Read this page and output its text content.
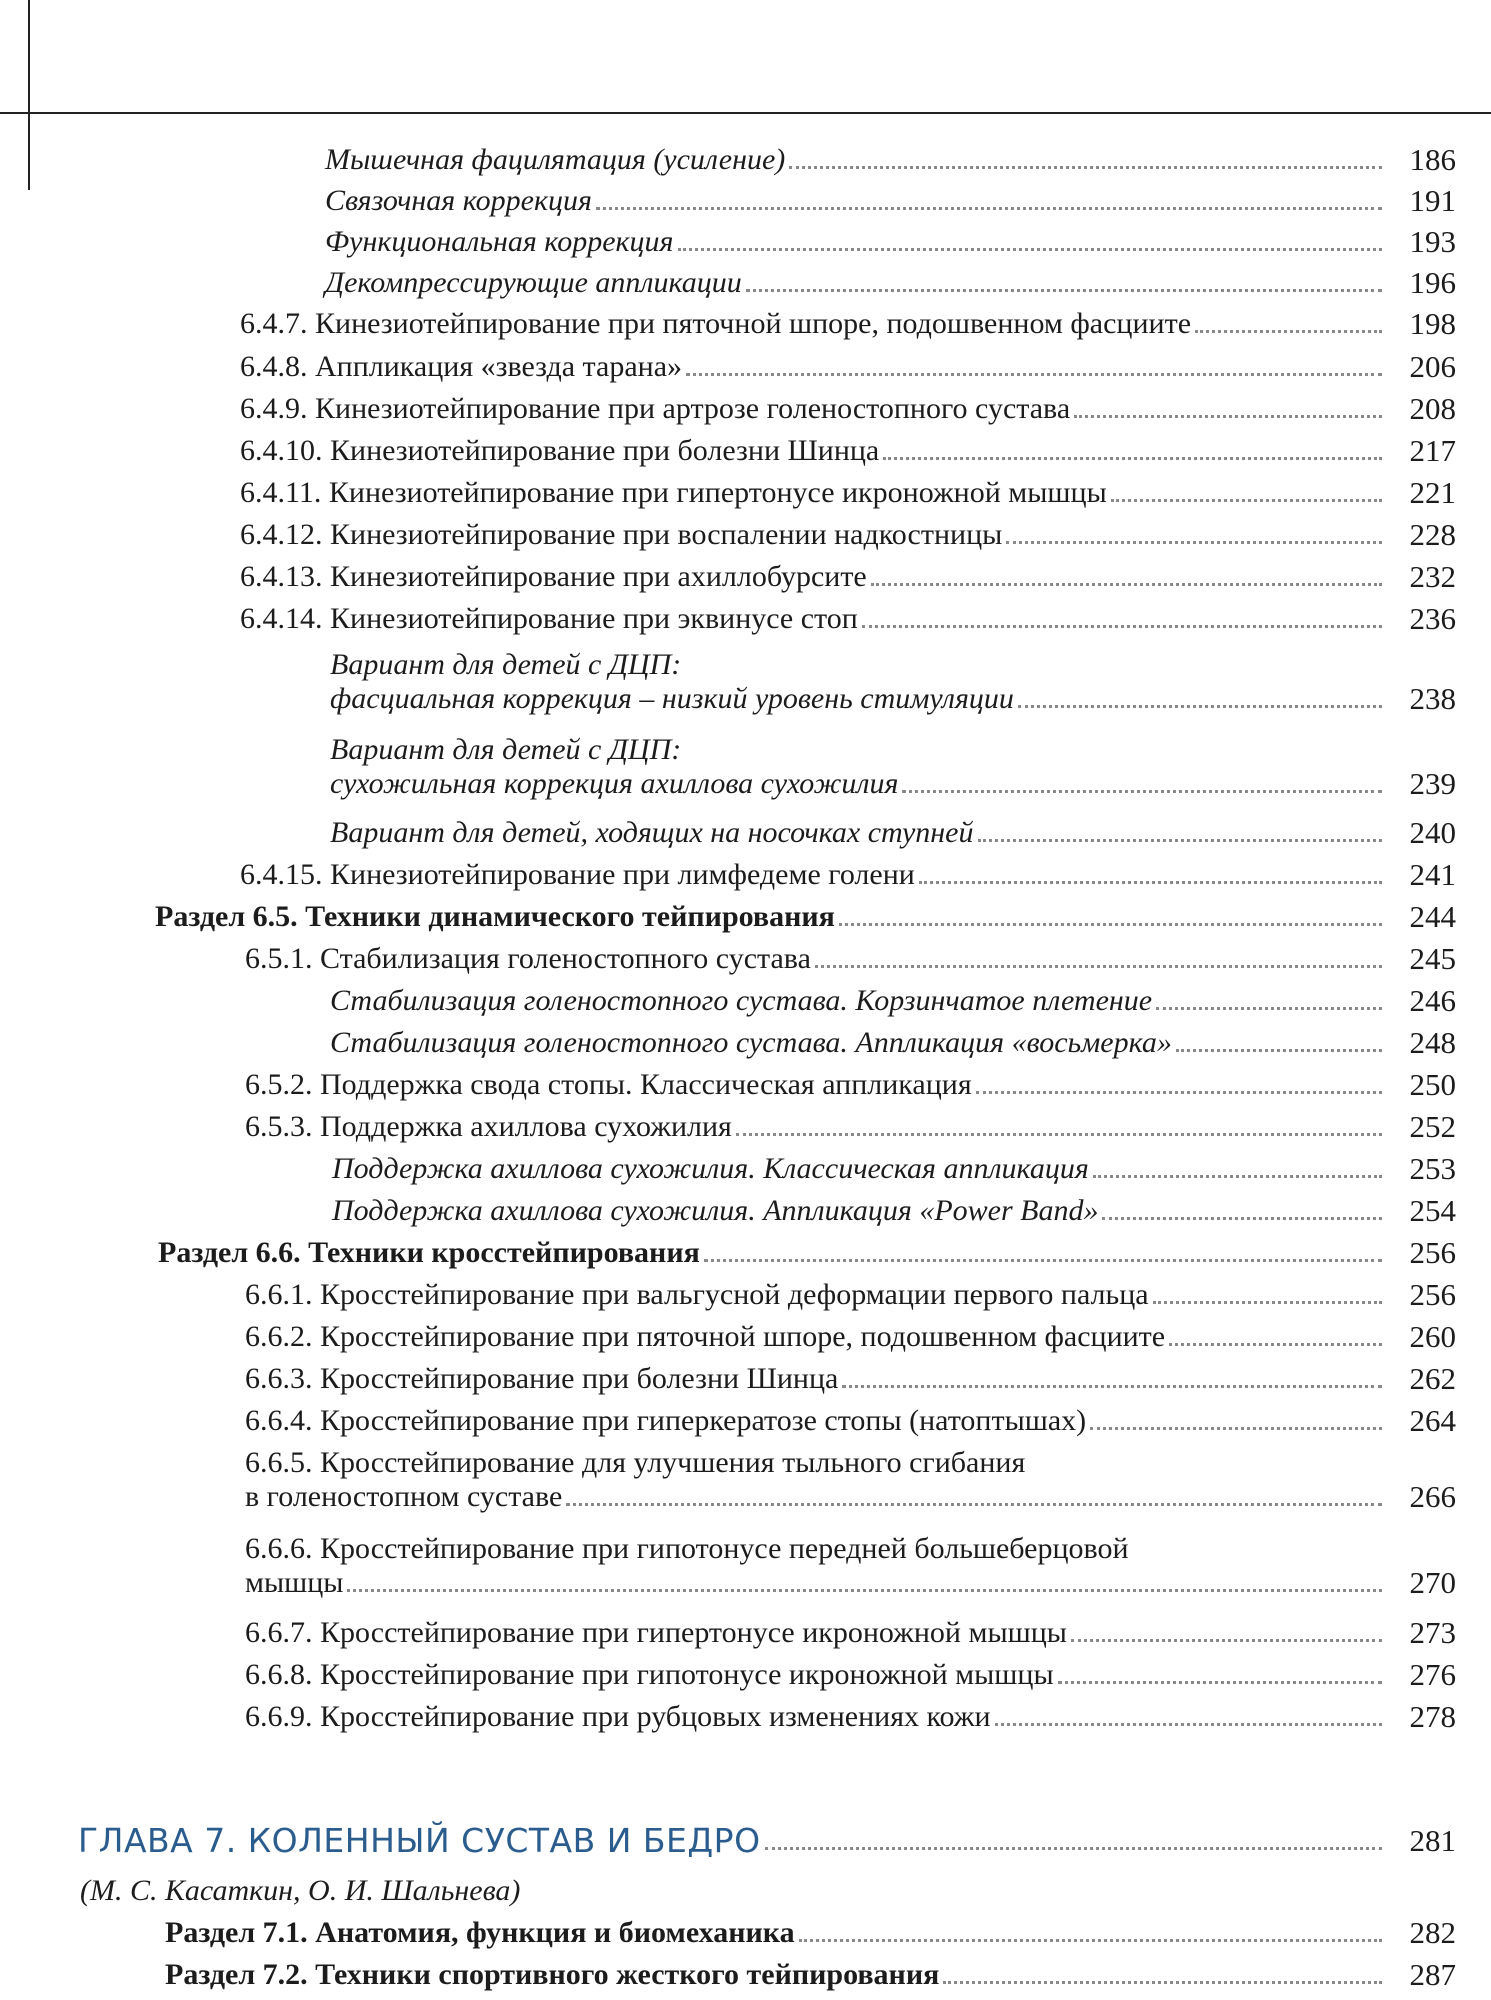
Мышечная фацилятация (усиление)	186
Связочная коррекция	191
Функциональная коррекция	193
Декомпрессирующие аппликации	196
6.4.7. Кинезиотейпирование при пяточной шпоре, подошвенном фасциите	198
6.4.8. Аппликация «звезда тарана»	206
6.4.9. Кинезиотейпирование при артрозе голеностопного сустава	208
6.4.10. Кинезиотейпирование при болезни Шинца	217
6.4.11. Кинезиотейпирование при гипертонусе икроножной мышцы	221
6.4.12. Кинезиотейпирование при воспалении надкостницы	228
6.4.13. Кинезиотейпирование при ахиллобурсите	232
6.4.14. Кинезиотейпирование при эквинусе стоп	236
Вариант для детей с ДЦП:
фасциальная коррекция – низкий уровень стимуляции	238
Вариант для детей с ДЦП:
сухожильная коррекция ахиллова сухожилия	239
Вариант для детей, ходящих на носочках ступней	240
6.4.15. Кинезиотейпирование при лимфедеме голени	241
Раздел 6.5. Техники динамического тейпирования	244
6.5.1. Стабилизация голеностопного сустава	245
Стабилизация голеностопного сустава. Корзинчатое плетение	246
Стабилизация голеностопного сустава. Аппликация «восьмерка»	248
6.5.2. Поддержка свода стопы. Классическая аппликация	250
6.5.3. Поддержка ахиллова сухожилия	252
Поддержка ахиллова сухожилия. Классическая аппликация	253
Поддержка ахиллова сухожилия. Аппликация «Power Band»	254
Раздел 6.6. Техники кросстейпирования	256
6.6.1. Кросстейпирование при вальгусной деформации первого пальца	256
6.6.2. Кросстейпирование при пяточной шпоре, подошвенном фасциите	260
6.6.3. Кросстейпирование при болезни Шинца	262
6.6.4. Кросстейпирование при гиперкератозе стопы (натоптышах)	264
6.6.5. Кросстейпирование для улучшения тыльного сгибания
в голеностопном суставе	266
6.6.6. Кросстейпирование при гипотонусе передней большеберцовой
мышцы	270
6.6.7. Кросстейпирование при гипертонусе икроножной мышцы	273
6.6.8. Кросстейпирование при гипотонусе икроножной мышцы	276
6.6.9. Кросстейпирование при рубцовых изменениях кожи	278
ГЛАВА 7. КОЛЕННЫЙ СУСТАВ И БЕДРО	281
(М. С. Касаткин, О. И. Шальнева)
Раздел 7.1. Анатомия, функция и биомеханика	282
Раздел 7.2. Техники спортивного жесткого тейпирования	287
